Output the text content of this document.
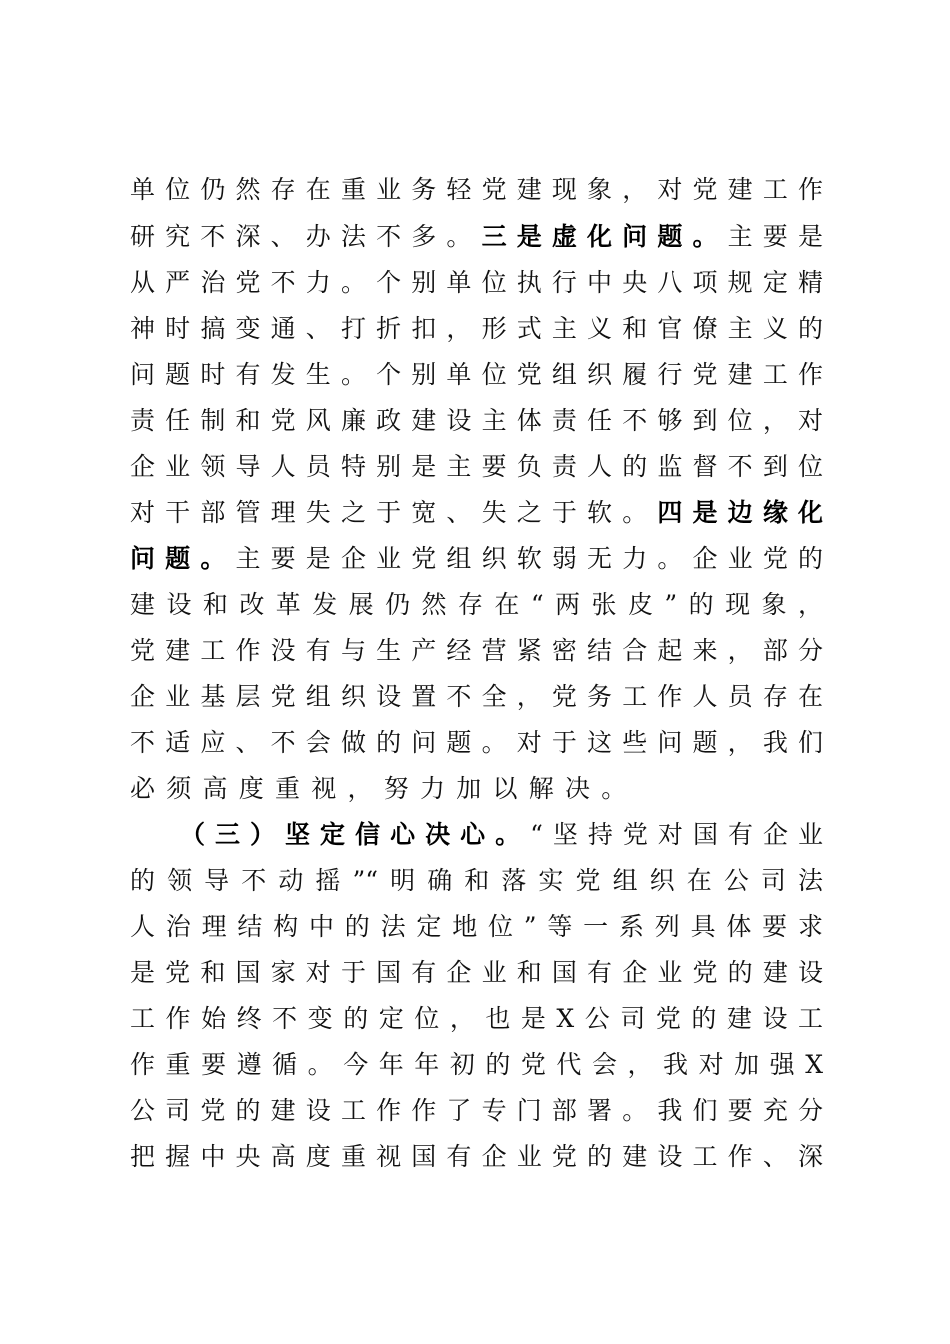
单位仍然存在重业务轻党建现象，对党建工作
研究不深、办法不多。三是虚化问题。主要是
从严治党不力。个别单位执行中央八项规定精
神时搞变通、打折扣，形式主义和官僚主义的
问题时有发生。个别单位党组织履行党建工作
责任制和党风廉政建设主体责任不够到位，对
企业领导人员特别是主要负责人的监督不到位
对干部管理失之于宽、失之于软。四是边缘化
问题。主要是企业党组织软弱无力。企业党的
建设和改革发展仍然存在“两张皮”的现象，
党建工作没有与生产经营紧密结合起来，部分
企业基层党组织设置不全，党务工作人员存在
不适应、不会做的问题。对于这些问题，我们
必须高度重视，努力加以解决。
（三）坚定信心决心。“坚持党对国有企业
的领导不动摇”“明确和落实党组织在公司法
人治理结构中的法定地位”等一系列具体要求
是党和国家对于国有企业和国有企业党的建设
工作始终不变的定位，也是X公司党的建设工
作重要遵循。今年年初的党代会，我对加强X
公司党的建设工作作了专门部署。我们要充分
把握中央高度重视国有企业党的建设工作、深
